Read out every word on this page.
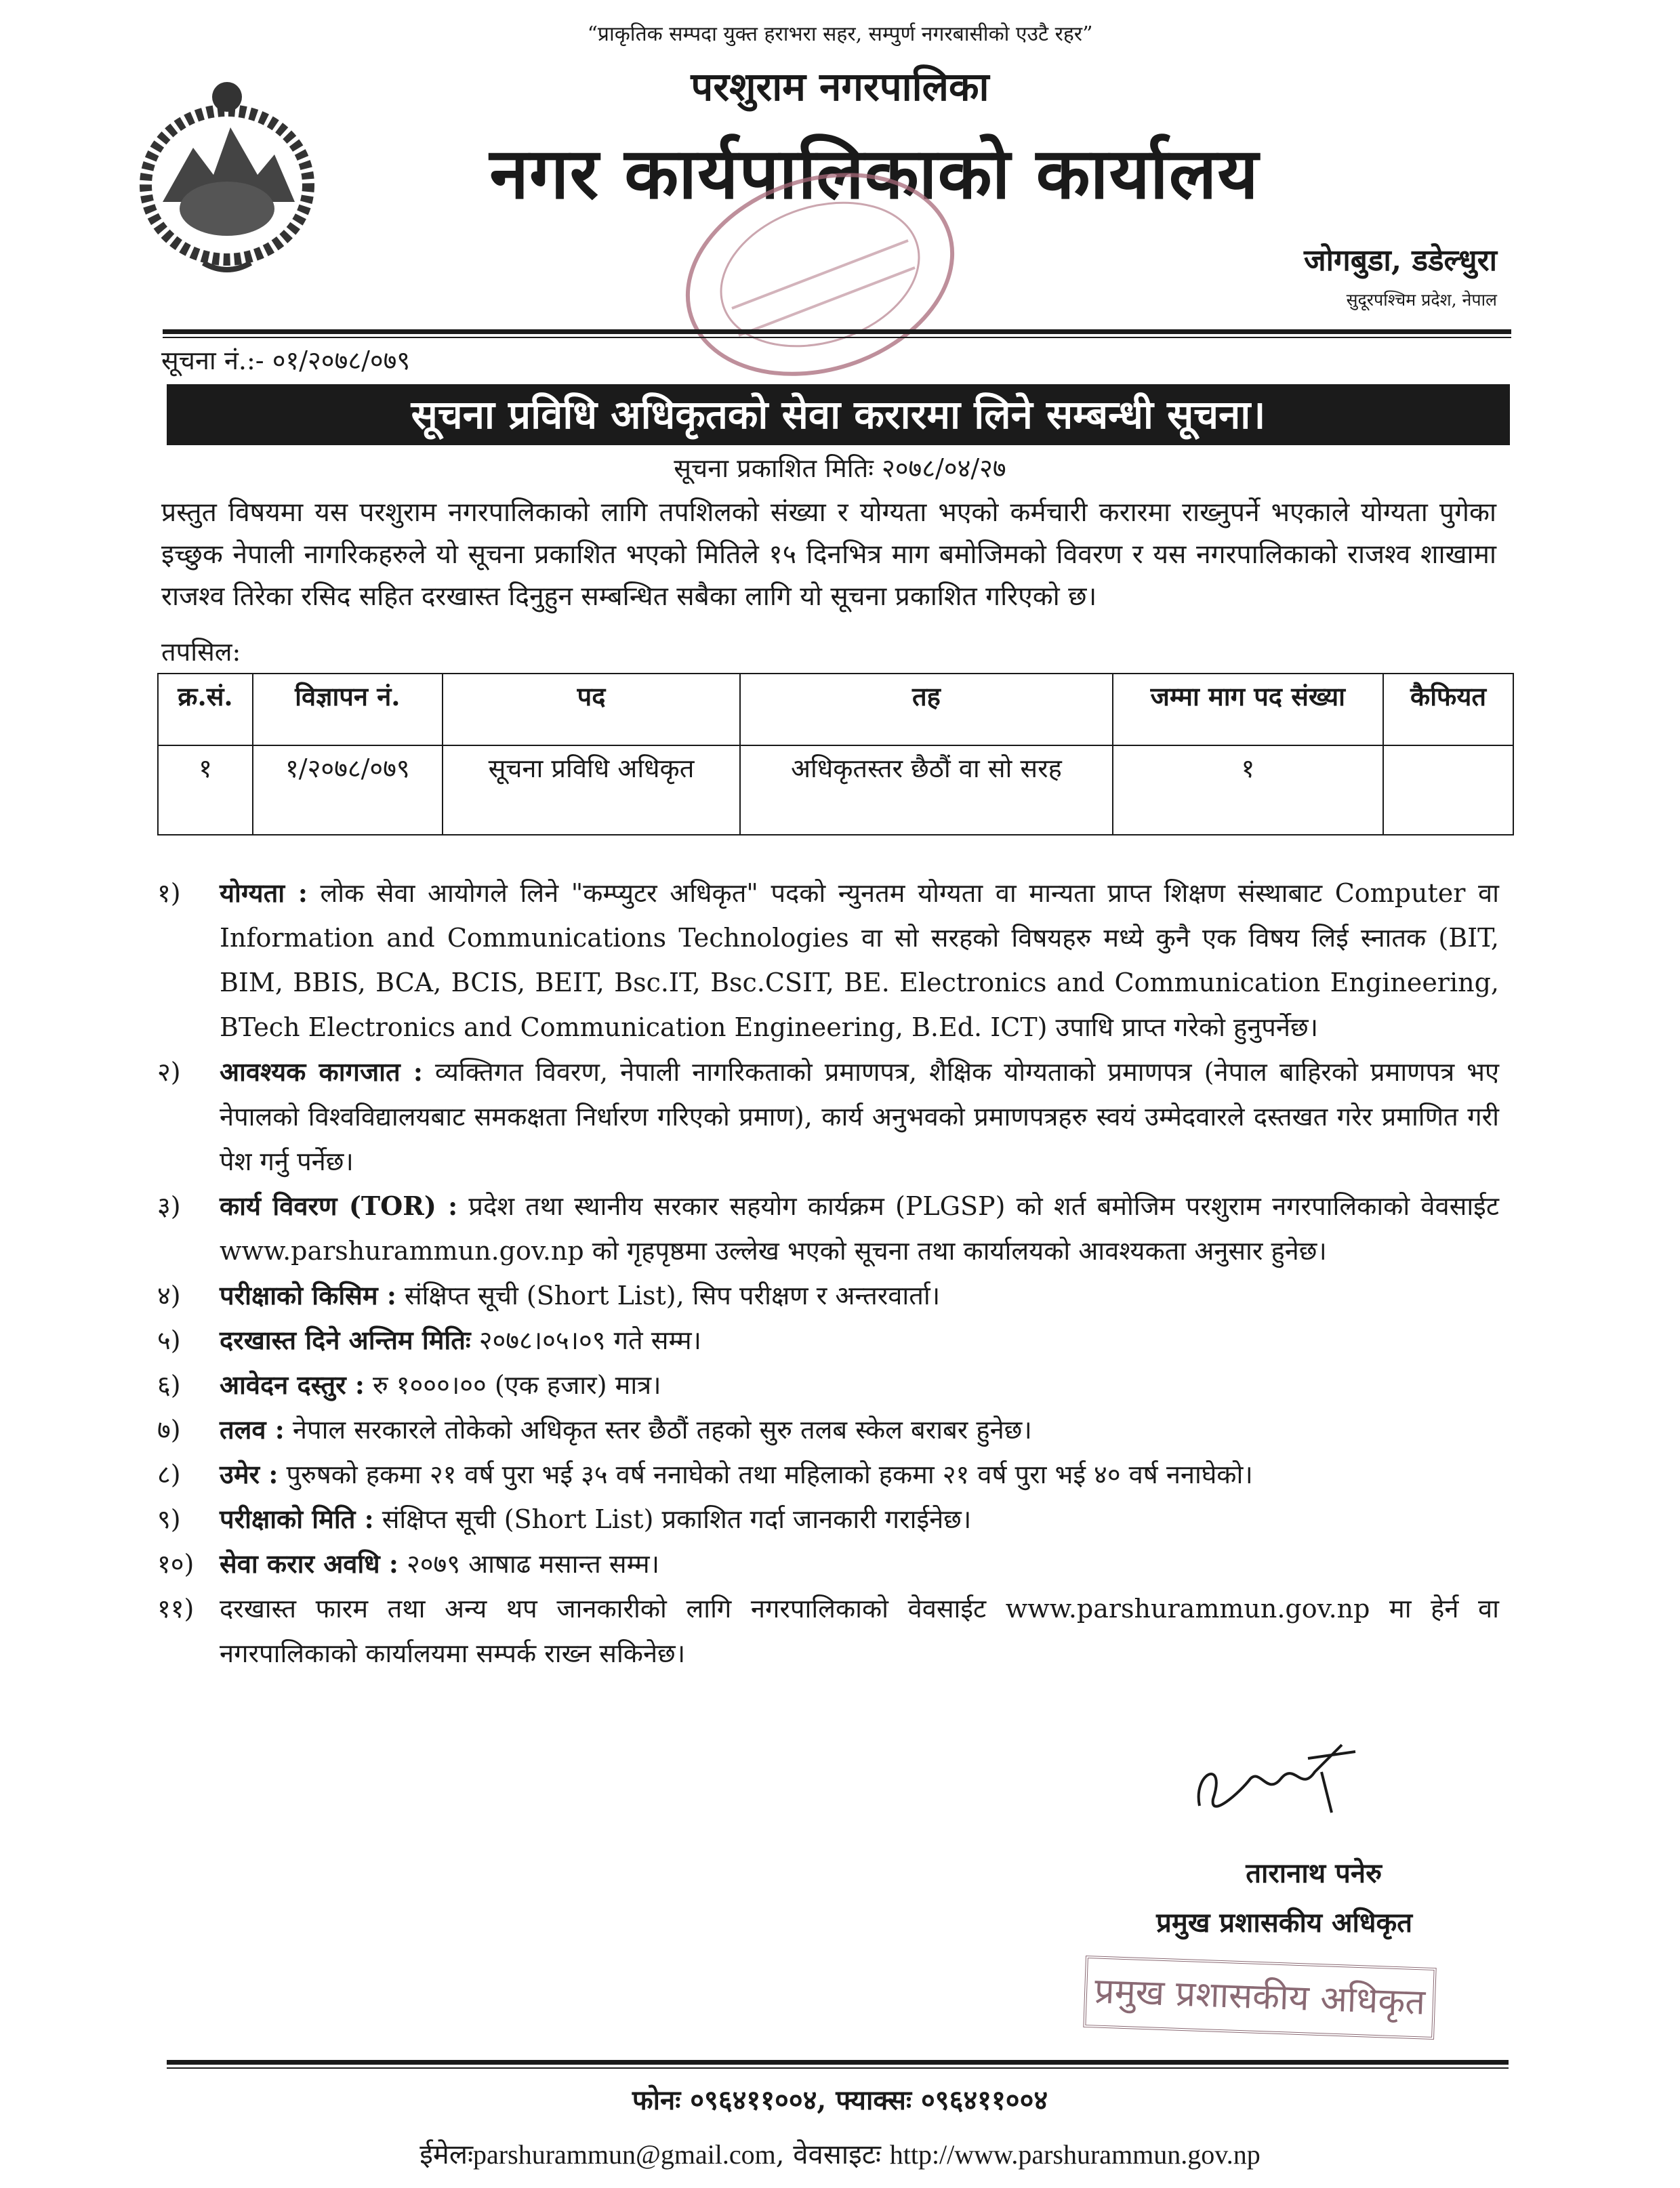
“प्राकृतिक सम्पदा युक्त हराभरा सहर, सम्पुर्ण नगरबासीको एउटै रहर”
परशुराम नगरपालिका
नगर कार्यपालिकाको कार्यालय
जोगबुडा, डडेल्धुरा
सुदूरपश्चिम प्रदेश, नेपाल
सूचना नं.:- ०१/२०७८/०७९
सूचना प्रविधि अधिकृतको सेवा करारमा लिने सम्बन्धी सूचना।
सूचना प्रकाशित मितिः २०७८/०४/२७
प्रस्तुत विषयमा यस परशुराम नगरपालिकाको लागि तपशिलको संख्या र योग्यता भएको कर्मचारी करारमा राख्नुपर्ने भएकाले योग्यता पुगेका इच्छुक नेपाली नागरिकहरुले यो सूचना प्रकाशित भएको मितिले १५ दिनभित्र माग बमोजिमको विवरण र यस नगरपालिकाको राजश्व शाखामा राजश्व तिरेका रसिद सहित दरखास्त दिनुहुन सम्बन्धित सबैका लागि यो सूचना प्रकाशित गरिएको छ।
तपसिल:
क्र.सं.	विज्ञापन नं.	पद	तह	जम्मा माग पद संख्या	कैफियत
१	१/२०७८/०७९	सूचना प्रविधि अधिकृत	अधिकृतस्तर छैठौं वा सो सरह	१	
१)	योग्यता : लोक सेवा आयोगले लिने "कम्प्युटर अधिकृत" पदको न्युनतम योग्यता वा मान्यता प्राप्त शिक्षण संस्थाबाट Computer वा Information and Communications Technologies वा सो सरहको विषयहरु मध्ये कुनै एक विषय लिई स्नातक (BIT, BIM, BBIS, BCA, BCIS, BEIT, Bsc.IT, Bsc.CSIT, BE. Electronics and Communication Engineering, BTech Electronics and Communication Engineering, B.Ed. ICT) उपाधि प्राप्त गरेको हुनुपर्नेछ।
२)	आवश्यक कागजात : व्यक्तिगत विवरण, नेपाली नागरिकताको प्रमाणपत्र, शैक्षिक योग्यताको प्रमाणपत्र (नेपाल बाहिरको प्रमाणपत्र भए नेपालको विश्वविद्यालयबाट समकक्षता निर्धारण गरिएको प्रमाण), कार्य अनुभवको प्रमाणपत्रहरु स्वयं उम्मेदवारले दस्तखत गरेर प्रमाणित गरी पेश गर्नु पर्नेछ।
३)	कार्य विवरण (TOR) : प्रदेश तथा स्थानीय सरकार सहयोग कार्यक्रम (PLGSP) को शर्त बमोजिम परशुराम नगरपालिकाको वेवसाईट www.parshurammun.gov.np को गृहपृष्ठमा उल्लेख भएको सूचना तथा कार्यालयको आवश्यकता अनुसार हुनेछ।
४)	परीक्षाको किसिम : संक्षिप्त सूची (Short List), सिप परीक्षण र अन्तरवार्ता।
५)	दरखास्त दिने अन्तिम मितिः २०७८।०५।०९ गते सम्म।
६)	आवेदन दस्तुर : रु १०००।०० (एक हजार) मात्र।
७)	तलव : नेपाल सरकारले तोकेको अधिकृत स्तर छैठौं तहको सुरु तलब स्केल बराबर हुनेछ।
८)	उमेर : पुरुषको हकमा २१ वर्ष पुरा भई ३५ वर्ष ननाघेको तथा महिलाको हकमा २१ वर्ष पुरा भई ४० वर्ष ननाघेको।
९)	परीक्षाको मिति : संक्षिप्त सूची (Short List) प्रकाशित गर्दा जानकारी गराईनेछ।
१०) सेवा करार अवधि : २०७९ आषाढ मसान्त सम्म।
११) दरखास्त फारम तथा अन्य थप जानकारीको लागि नगरपालिकाको वेवसाईट www.parshurammun.gov.np मा हेर्न वा नगरपालिकाको कार्यालयमा सम्पर्क राख्न सकिनेछ।
तारानाथ पनेरु
प्रमुख प्रशासकीय अधिकृत
प्रमुख प्रशासकीय अधिकृत
फोनः ०९६४११००४, फ्याक्सः ०९६४११००४
ईमेलःparshurammun@gmail.com, वेवसाइटः http://www.parshurammun.gov.np
